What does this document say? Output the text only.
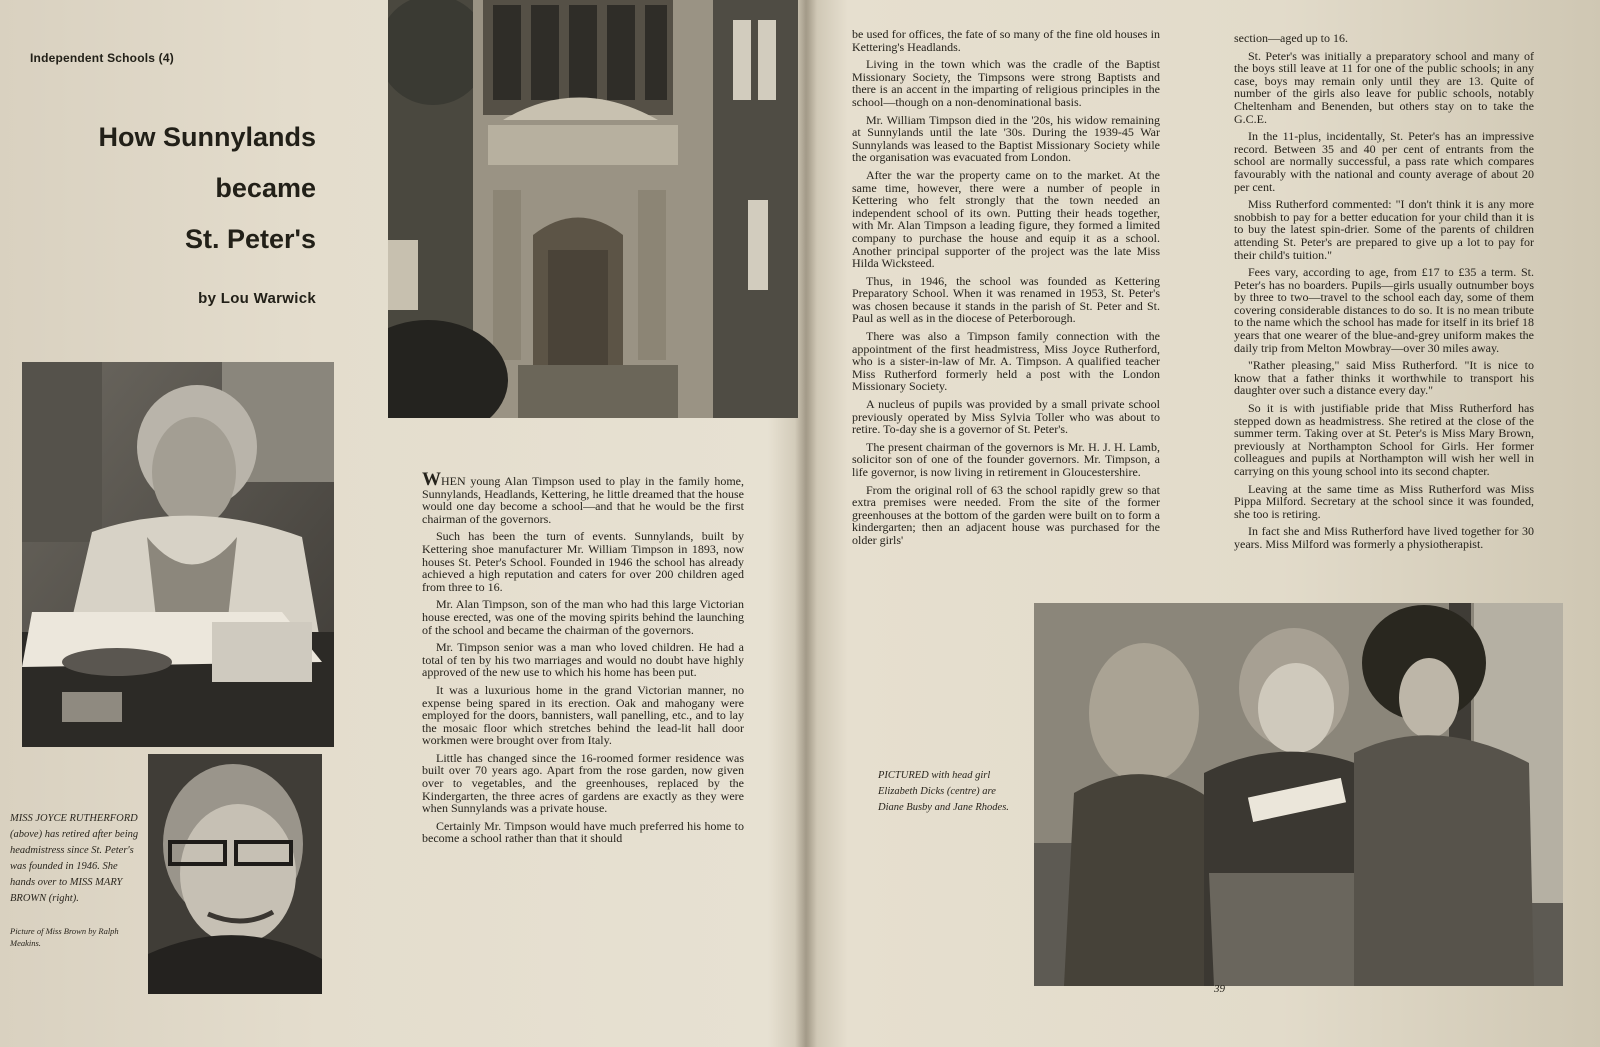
Independent Schools (4)
How Sunnylands
became
St. Peter's
by Lou Warwick
MISS JOYCE RUTHERFORD (above) has retired after being headmistress since St. Peter's was founded in 1946. She hands over to MISS MARY BROWN (right).
Picture of Miss Brown by Ralph Meakins.
PICTURED with head girl Elizabeth Dicks (centre) are Diane Busby and Jane Rhodes.

WHEN young Alan Timpson used to play in the family home, Sunnylands, Headlands, Kettering, he little dreamed that the house would one day become a school—and that he would be the first chairman of the governors.

Such has been the turn of events. Sunnylands, built by Kettering shoe manufacturer Mr. William Timpson in 1893, now houses St. Peter's School. Founded in 1946 the school has already achieved a high reputation and caters for over 200 children aged from three to 16.

Mr. Alan Timpson, son of the man who had this large Victorian house erected, was one of the moving spirits behind the launching of the school and became the chairman of the governors.

Mr. Timpson senior was a man who loved children. He had a total of ten by his two marriages and would no doubt have highly approved of the new use to which his home has been put.

It was a luxurious home in the grand Victorian manner, no expense being spared in its erection. Oak and mahogany were employed for the doors, bannisters, wall panelling, etc., and to lay the mosaic floor which stretches behind the lead-lit hall door workmen were brought over from Italy.

Little has changed since the 16-roomed former residence was built over 70 years ago. Apart from the rose garden, now given over to vegetables, and the greenhouses, replaced by the Kindergarten, the three acres of gardens are exactly as they were when Sunnylands was a private house.

Certainly Mr. Timpson would have much preferred his home to become a school rather than that it should

be used for offices, the fate of so many of the fine old houses in Kettering's Headlands.

Living in the town which was the cradle of the Baptist Missionary Society, the Timpsons were strong Baptists and there is an accent in the imparting of religious principles in the school—though on a non-denominational basis.

Mr. William Timpson died in the '20s, his widow remaining at Sunnylands until the late '30s. During the 1939-45 War Sunnylands was leased to the Baptist Missionary Society while the organisation was evacuated from London.

After the war the property came on to the market. At the same time, however, there were a number of people in Kettering who felt strongly that the town needed an independent school of its own. Putting their heads together, with Mr. Alan Timpson a leading figure, they formed a limited company to purchase the house and equip it as a school. Another principal supporter of the project was the late Miss Hilda Wicksteed.

Thus, in 1946, the school was founded as Kettering Preparatory School. When it was renamed in 1953, St. Peter's was chosen because it stands in the parish of St. Peter and St. Paul as well as in the diocese of Peterborough.

There was also a Timpson family connection with the appointment of the first headmistress, Miss Joyce Rutherford, who is a sister-in-law of Mr. A. Timpson. A qualified teacher Miss Rutherford formerly held a post with the London Missionary Society.

A nucleus of pupils was provided by a small private school previously operated by Miss Sylvia Toller who was about to retire. To-day she is a governor of St. Peter's.

The present chairman of the governors is Mr. H. J. H. Lamb, solicitor son of one of the founder governors. Mr. Timpson, a life governor, is now living in retirement in Gloucestershire.

From the original roll of 63 the school rapidly grew so that extra premises were needed. From the site of the former greenhouses at the bottom of the garden were built on to form a kindergarten; then an adjacent house was purchased for the older girls'

section—aged up to 16.

St. Peter's was initially a preparatory school and many of the boys still leave at 11 for one of the public schools; in any case, boys may remain only until they are 13. Quite of number of the girls also leave for public schools, notably Cheltenham and Benenden, but others stay on to take the G.C.E.

In the 11-plus, incidentally, St. Peter's has an impressive record. Between 35 and 40 per cent of entrants from the school are normally successful, a pass rate which compares favourably with the national and county average of about 20 per cent.

Miss Rutherford commented: "I don't think it is any more snobbish to pay for a better education for your child than it is to buy the latest spin-drier. Some of the parents of children attending St. Peter's are prepared to give up a lot to pay for their child's tuition."

Fees vary, according to age, from £17 to £35 a term. St. Peter's has no boarders. Pupils—girls usually outnumber boys by three to two—travel to the school each day, some of them covering considerable distances to do so. It is no mean tribute to the name which the school has made for itself in its brief 18 years that one wearer of the blue-and-grey uniform makes the daily trip from Melton Mowbray—over 30 miles away.

"Rather pleasing," said Miss Rutherford. "It is nice to know that a father thinks it worthwhile to transport his daughter over such a distance every day."

So it is with justifiable pride that Miss Rutherford has stepped down as headmistress. She retired at the close of the summer term. Taking over at St. Peter's is Miss Mary Brown, previously at Northampton School for Girls. Her former colleagues and pupils at Northampton will wish her well in carrying on this young school into its second chapter.

Leaving at the same time as Miss Rutherford was Miss Pippa Milford. Secretary at the school since it was founded, she too is retiring.

In fact she and Miss Rutherford have lived together for 30 years. Miss Milford was formerly a physiotherapist.

39
